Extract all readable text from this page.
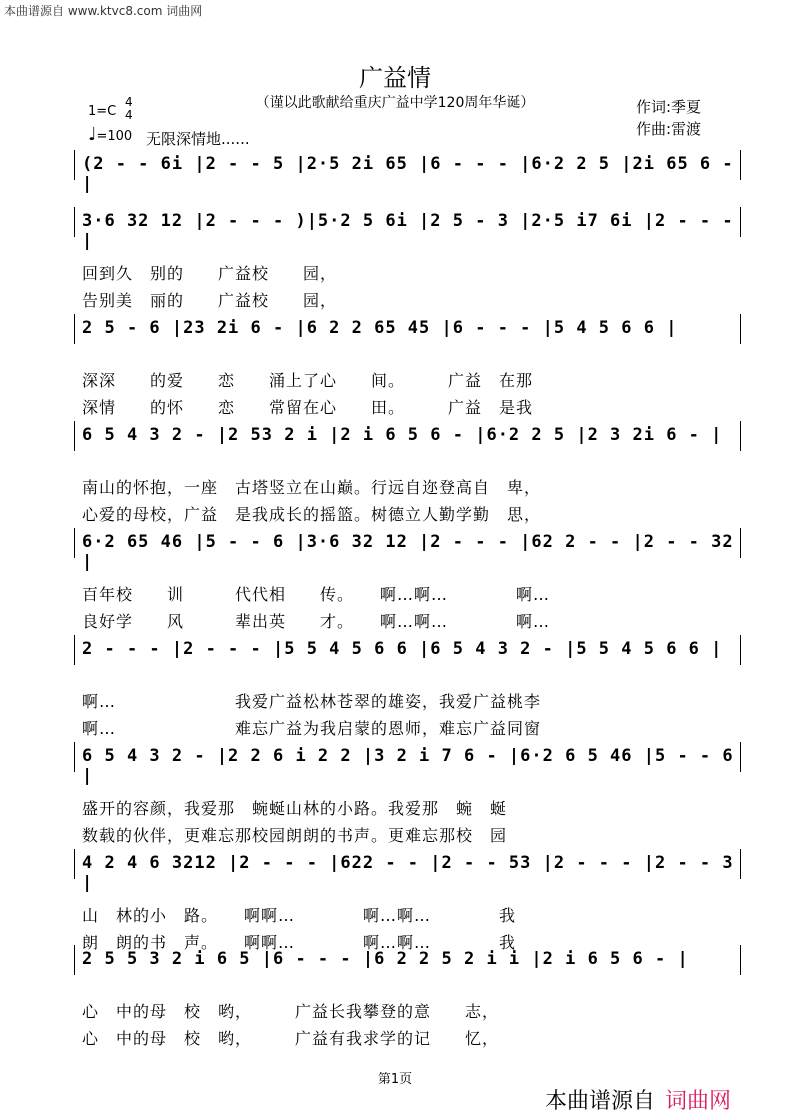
本曲谱源自 www.ktvc8.com 词曲网
广益情
（谨以此歌献给重庆广益中学120周年华诞）	作词:季夏
作曲:雷渡
1=C
4
4
♩=100 无限深情地......
(2 - - 6i |2 - - 5 |2·5 2i 65 |6 - - - |6·2 2 5 |2i 65 6 - |
3·6 32 12 |2 - - - )|5·2 5 6i |2 5 - 3 |2·5 i7 6i |2 - - - |
回到久　别的　　广益校　　园，
告别美　丽的　　广益校　　园，
2 5 - 6 |23 2i 6 - |6 2 2 65 45 |6 - - - |5 4 5 6 6 |
深深　　的爱　　恋　　涌上了心　　间。　　　广益　在那
深情　　的怀　　恋　　常留在心　　田。　　　广益　是我
6 5 4 3 2 - |2 53 2 i |2 i 6 5 6 - |6·2 2 5 |2 3 2i 6 - |
南山的怀抱，一座　古塔竖立在山巅。行远自迩登高自　卑，
心爱的母校，广益　是我成长的摇篮。树德立人勤学勤　思，
6·2 65 46 |5 - - 6 |3·6 32 12 |2 - - - |62 2 - - |2 - - 32 |
百年校　　训　　　代代相　　传。　　啊…啊…　　　　啊…
良好学　　风　　　辈出英　　才。　　啊…啊…　　　　啊…
2 - - - |2 - - - |5 5 4 5 6 6 |6 5 4 3 2 - |5 5 4 5 6 6 |
啊…　　　　　　　我爱广益松林苍翠的雄姿，我爱广益桃李
啊…　　　　　　　难忘广益为我启蒙的恩师，难忘广益同窗
6 5 4 3 2 - |2 2 6 i 2 2 |3 2 i 7 6 - |6·2 6 5 46 |5 - - 6 |
盛开的容颜，我爱那　蜿蜒山林的小路。我爱那　蜿　蜒
数载的伙伴，更难忘那校园朗朗的书声。更难忘那校　园
4 2 4 6 3212 |2 - - - |622 - - |2 - - 53 |2 - - - |2 - - 3 |
山　林的小　路。　　啊啊…　　　　啊…啊…　　　　我
朗　朗的书　声。　　啊啊…　　　　啊…啊…　　　　我
2 5 5 3 2 i 6 5 |6 - - - |6 2 2 5 2 i i |2 i 6 5 6 - |
心　中的母　校　哟，　　　广益长我攀登的意　　志，
心　中的母　校　哟，　　　广益有我求学的记　　忆，
第1页
本曲谱源自 词曲网
